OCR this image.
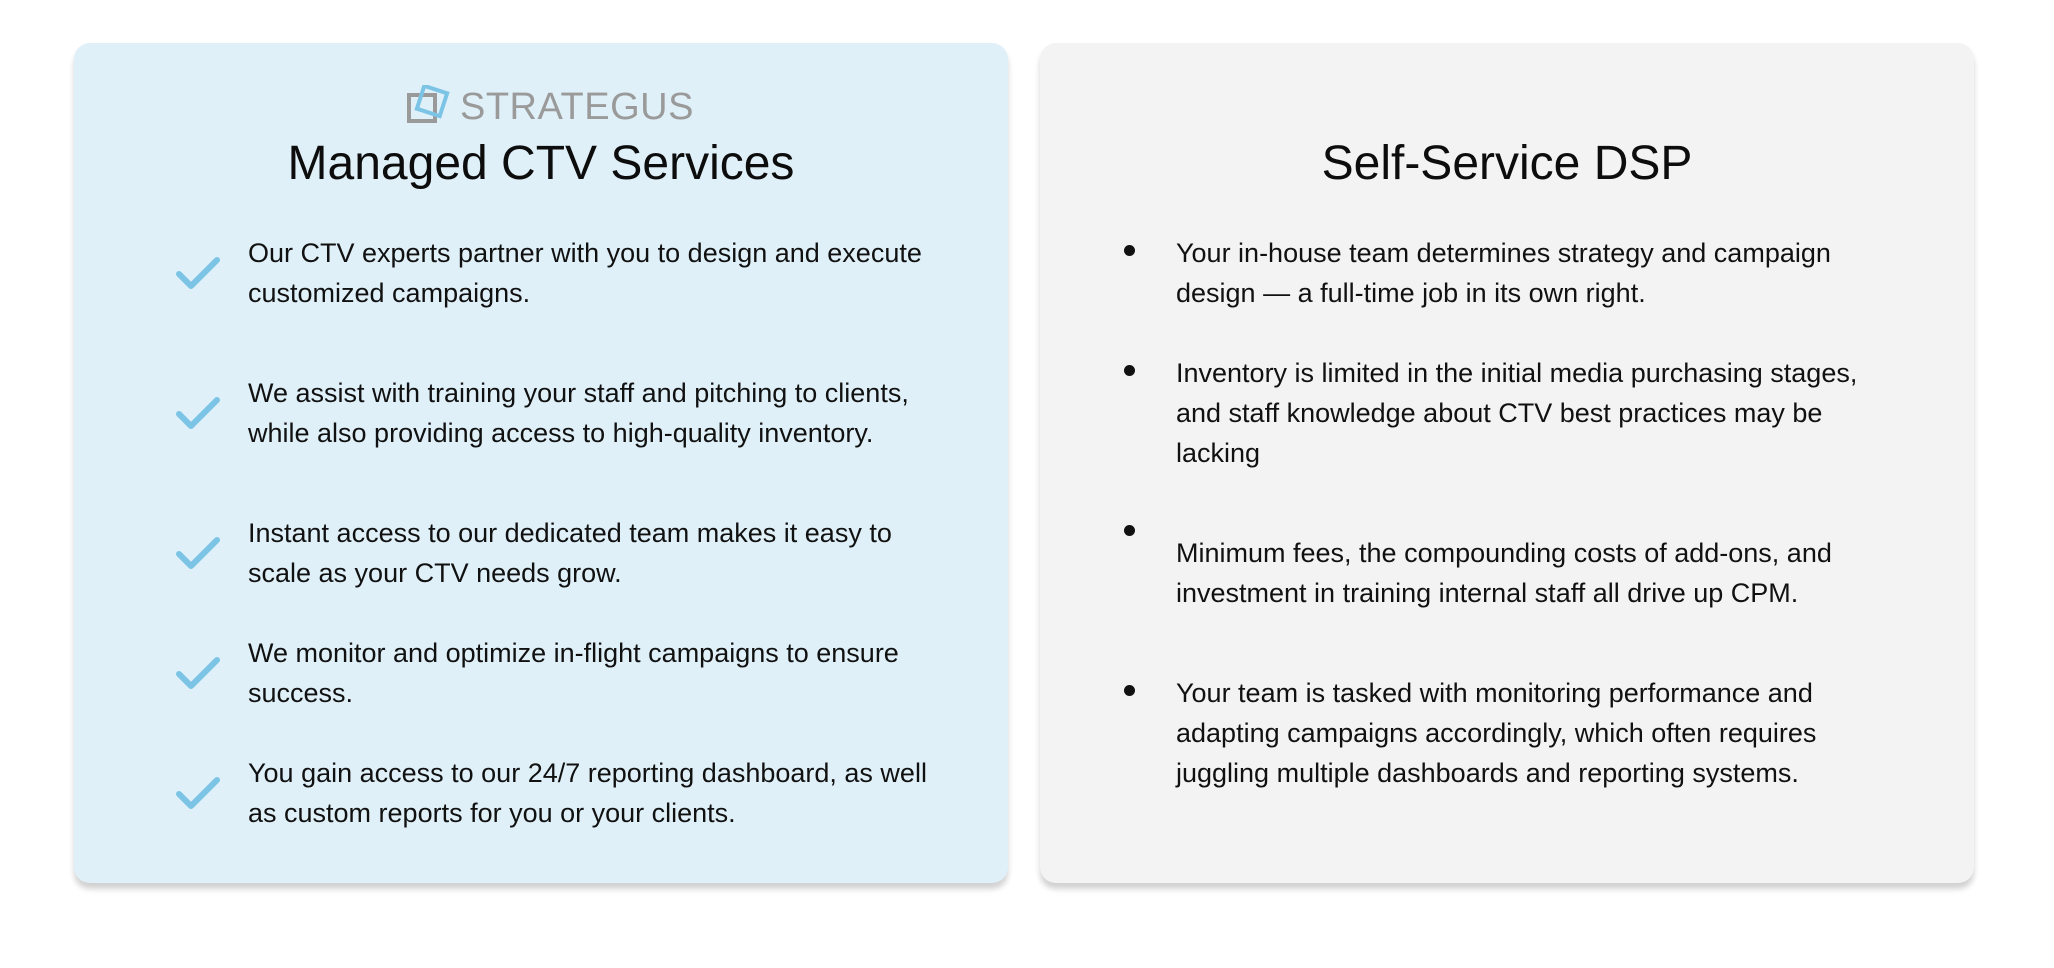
STRATEGUS
Managed CTV Services
Our CTV experts partner with you to design and execute customized campaigns.
We assist with training your staff and pitching to clients, while also providing access to high-quality inventory.
Instant access to our dedicated team makes it easy to scale as your CTV needs grow.
We monitor and optimize in-flight campaigns to ensure success.
You gain access to our 24/7 reporting dashboard, as well as custom reports for you or your clients.
Self-Service DSP
Your in-house team determines strategy and campaign design — a full-time job in its own right.
Inventory is limited in the initial media purchasing stages, and staff knowledge about CTV best practices may be lacking
Minimum fees, the compounding costs of add-ons, and investment in training internal staff all drive up CPM.
Your team is tasked with monitoring performance and adapting campaigns accordingly, which often requires juggling multiple dashboards and reporting systems.
